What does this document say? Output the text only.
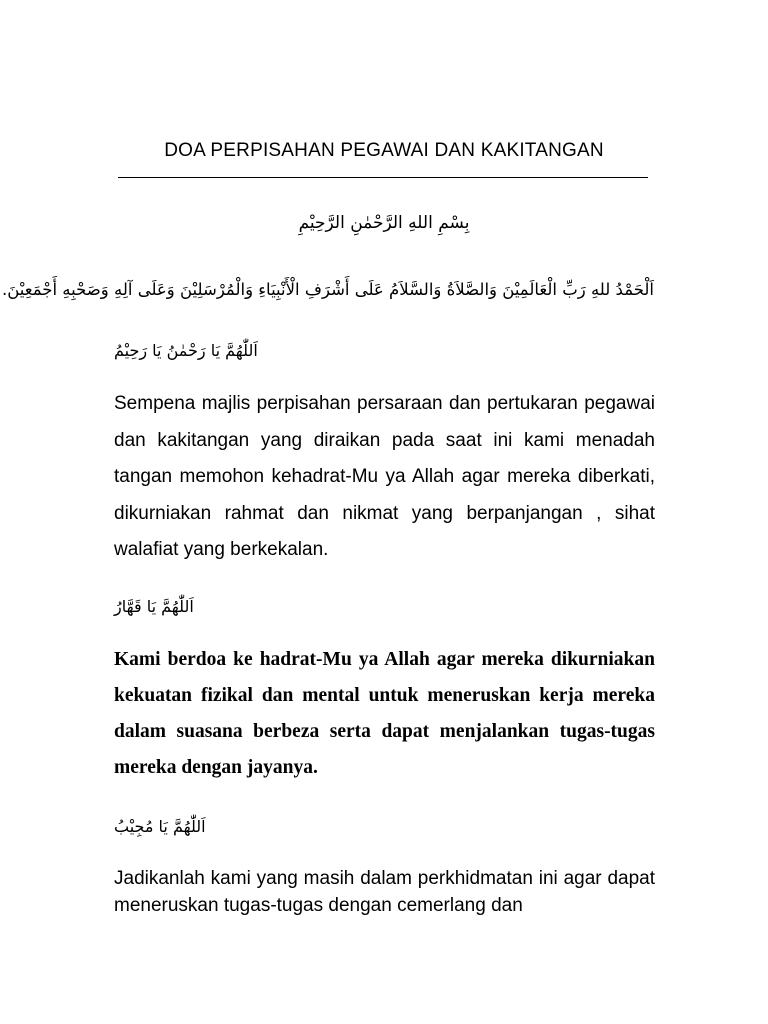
DOA PERPISAHAN PEGAWAI DAN KAKITANGAN
بِسْمِ اللهِ الرَّحْمٰنِ الرَّحِيْمِ
اَلْحَمْدُ للهِ رَبِّ الْعَالَمِيْنَ وَالصَّلاَةُ وَالسَّلاَمُ عَلَى أَشْرَفِ الْأَنْبِيَاءِ وَالْمُرْسَلِيْنَ وَعَلَى آلِهِ وَصَحْبِهِ أَجْمَعِيْنَ.
اَللّٰهُمَّ يَا رَحْمٰنُ يَا رَحِيْمُ

Sempena majlis perpisahan persaraan dan pertukaran pegawai dan kakitangan yang diraikan pada saat ini kami menadah tangan memohon kehadrat-Mu ya Allah agar mereka diberkati, dikurniakan rahmat dan nikmat yang berpanjangan , sihat walafiat yang berkekalan.

اَللّٰهُمَّ يَا قَهَّارُ

Kami berdoa ke hadrat-Mu ya Allah agar mereka dikurniakan kekuatan fizikal dan mental untuk meneruskan kerja mereka dalam suasana berbeza serta dapat menjalankan tugas-tugas mereka dengan jayanya.

اَللّٰهُمَّ يَا مُجِيْبُ

Jadikanlah kami yang masih dalam perkhidmatan ini agar dapat meneruskan tugas-tugas dengan cemerlang dan
